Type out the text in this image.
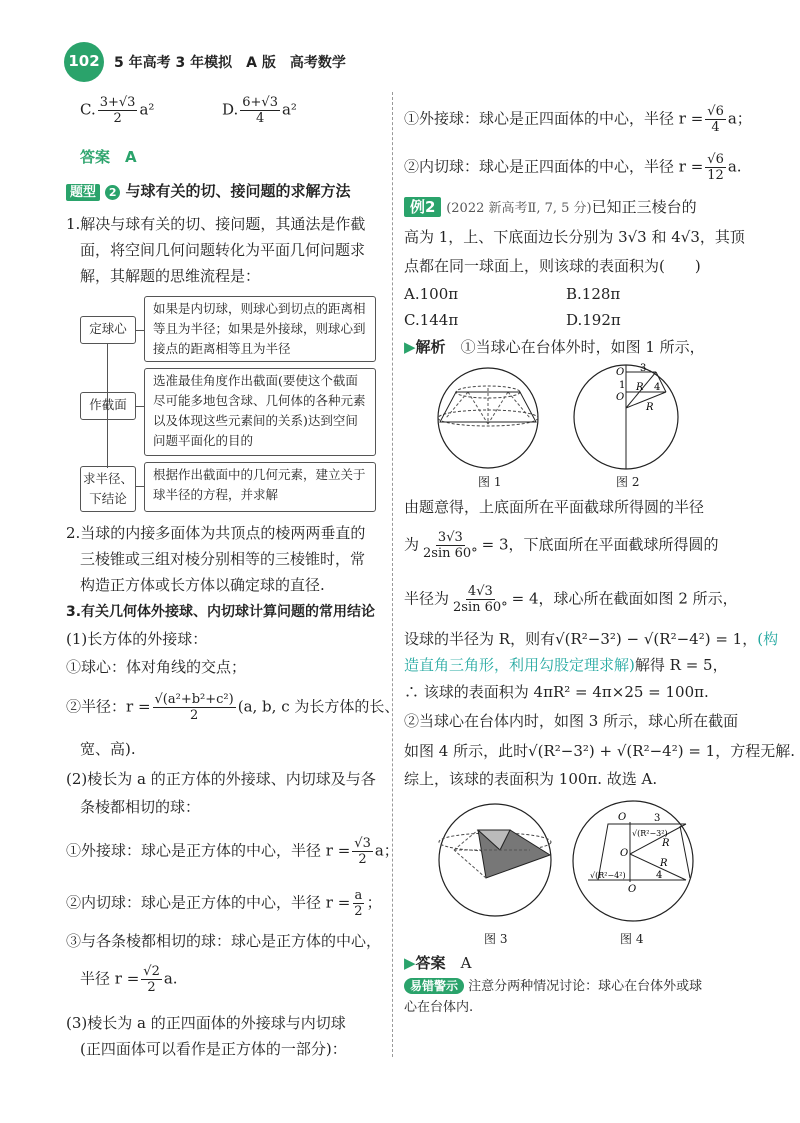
102	5 年高考 3 年模拟　A 版　高考数学
C. $\frac{3+√3}{2} a^2$	D. $\frac{6+√3}{4} a^2$
答案　 A
题型 2 与球有关的切、接问题的求解方法
1.解决与球有关的切、接问题，其通法是作截
面，将空间几何问题转化为平面几何问题求
解，其解题的思维流程是：
定球心
如果是内切球，则球心到切点的距离相等且为半径；如果是外接球，则球心到接点的距离相等且为半径
作截面
选准最佳角度作出截面(要使这个截面尽可能多地包含球、几何体的各种元素以及体现这些元素间的关系)达到空间问题平面化的目的
求半径、
下结论
根据作出截面中的几何元素，建立关于球半径的方程，并求解
2.当球的内接多面体为共顶点的棱两两垂直的
三棱锥或三组对棱分别相等的三棱锥时，常
构造正方体或长方体以确定球的直径.
3.有关几何体外接球、内切球计算问题的常用结论
(1)长方体的外接球：
①球心：体对角线的交点；
②半径：$r = \frac{\text{√(a²+b²+c²)}}{2} (a$, b, c 为长方体的长、
宽、高).
(2)棱长为 a 的正方体的外接球、内切球及与各
条棱都相切的球：
①外接球：球心是正方体的中心，半径 $r = \frac{√3}{2}$ a；
②内切球：球心是正方体的中心，半径 $r = \frac{a}{2}$ ；
③与各条棱都相切的球：球心是正方体的中心，
半径 $r = \frac{√2}{2} a$.
(3)棱长为 a 的正四面体的外接球与内切球
(正四面体可以看作是正方体的一部分)：
①外接球：球心是正四面体的中心，半径 $r = \frac{√6}{4}$ a；
②内切球：球心是正四面体的中心，半径 $r = \frac{√6}{12} a$.
例2 (2022 新高考Ⅱ, 7, 5 分)已知正三棱台的
高为 1，上、下底面边长分别为 3√3 和 4√3，其顶
点都在同一球面上，则该球的表面积为(　　)
A.100π	B.128π
C.144π	D.192π
▶解析　 ①当球心在台体外时，如图 1 所示，
图 1
O
1
O
3
4
R
R
图 2
由题意得，上底面所在平面截球所得圆的半径
为 $\frac{3√3}{2\sin 60^\circ} = 3$，下底面所在平面截球所得圆的
半径为 $\frac{4√3}{2\sin 60^\circ} = 4$，球心所在截面如图 2 所示，
设球的半径为 R，则有√(R²−3²) − √(R²−4²) = 1，(构
造直角三角形，利用勾股定理求解)解得 R = 5，
∴ 该球的表面积为 4πR² = 4π×25 = 100π.
②当球心在台体内时，如图 3 所示，球心所在截面
如图 4 所示，此时√(R²−3²) + √(R²−4²) = 1，方程无解.
综上，该球的表面积为 100π. 故选 A.
图 3
O	3
√(R²−3²)
R
O
R
√(R²−4²)
O
4
图 4
▶答案　 A
易错警示 注意分两种情况讨论：球心在台体外或球
心在台体内.
